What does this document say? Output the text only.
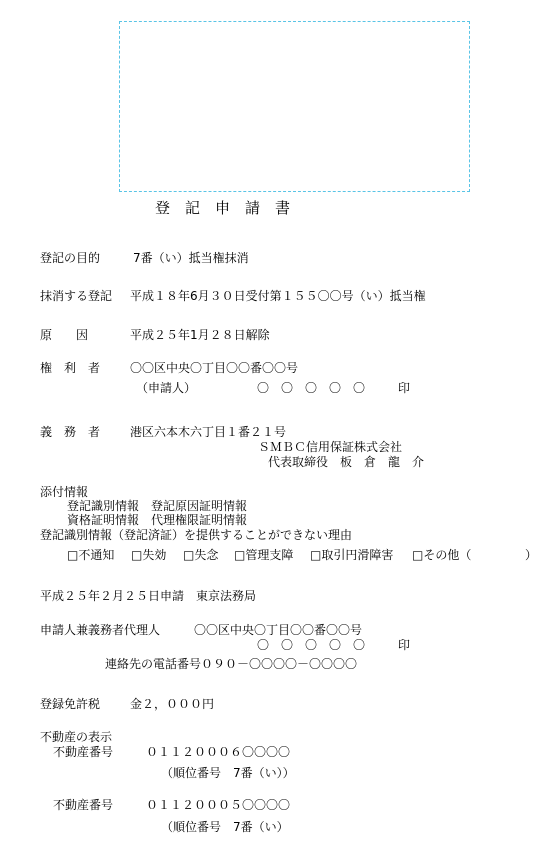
登　記　申　請　書
登記の目的	7番（い）抵当権抹消
抹消する登記 平成１８年6月３０日受付第１５５〇〇号（い）抵当権
原　　因	平成２５年1月２８日解除
権　利　者 〇〇区中央〇丁目〇〇番〇〇号
（申請人）	〇　〇　〇　〇　〇	印
義　務　者 港区六本木六丁目１番２１号
ＳＭＢＣ信用保証株式会社
代表取締役　板　倉　龍　介
添付情報
登記識別情報　登記原因証明情報
資格証明情報　代理権限証明情報
登記識別情報（登記済証）を提供することができない理由
□不通知 □失効 □失念 □管理支障 □取引円滑障害 □その他（	）
平成２５年２月２５日申請　東京法務局
申請人兼義務者代理人	〇〇区中央〇丁目〇〇番〇〇号
〇　〇　〇　〇　〇	印
連絡先の電話番号０９０－〇〇〇〇－〇〇〇〇
登録免許税 金２，０００円
不動産の表示
不動産番号	０１１２０００６〇〇〇〇
（順位番号　7番（い））
不動産番号	０１１２０００５〇〇〇〇
（順位番号　7番（い）
